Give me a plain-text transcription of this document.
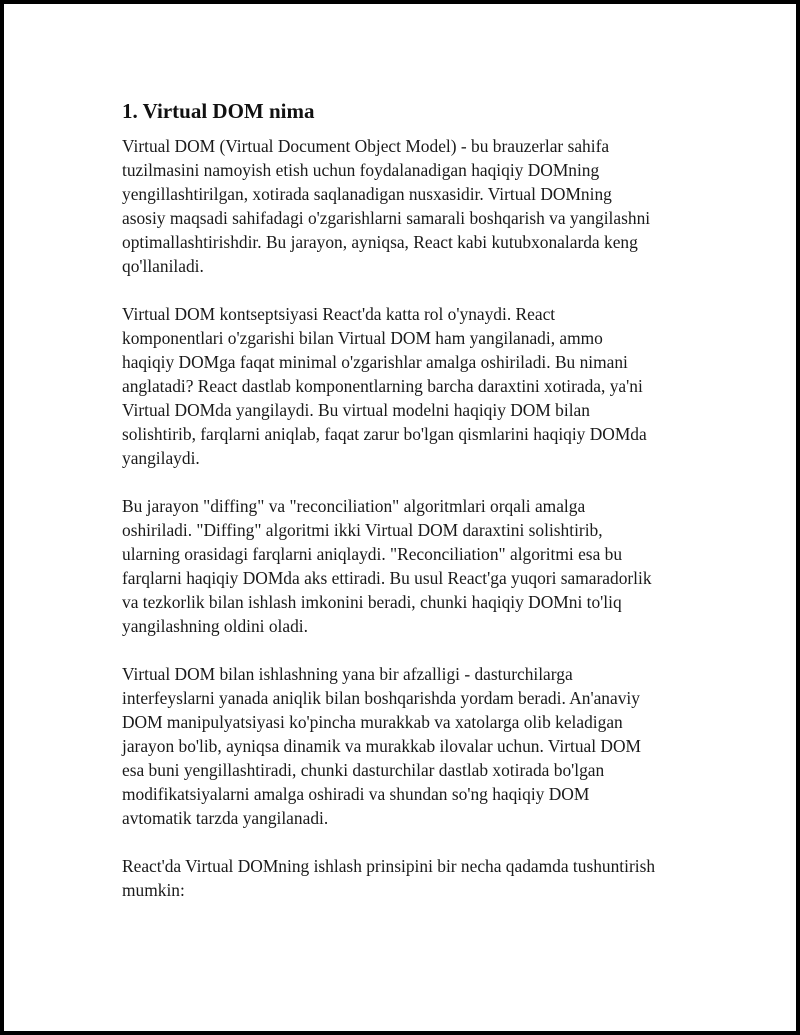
1. Virtual DOM nima

Virtual DOM (Virtual Document Object Model) - bu brauzerlar sahifa
tuzilmasini namoyish etish uchun foydalanadigan haqiqiy DOMning
yengillashtirilgan, xotirada saqlanadigan nusxasidir. Virtual DOMning
asosiy maqsadi sahifadagi o'zgarishlarni samarali boshqarish va yangilashni
optimallashtirishdir. Bu jarayon, ayniqsa, React kabi kutubxonalarda keng
qo'llaniladi.

Virtual DOM kontseptsiyasi React'da katta rol o'ynaydi. React
komponentlari o'zgarishi bilan Virtual DOM ham yangilanadi, ammo
haqiqiy DOMga faqat minimal o'zgarishlar amalga oshiriladi. Bu nimani
anglatadi? React dastlab komponentlarning barcha daraxtini xotirada, ya'ni
Virtual DOMda yangilaydi. Bu virtual modelni haqiqiy DOM bilan
solishtirib, farqlarni aniqlab, faqat zarur bo'lgan qismlarini haqiqiy DOMda
yangilaydi.

Bu jarayon "diffing" va "reconciliation" algoritmlari orqali amalga
oshiriladi. "Diffing" algoritmi ikki Virtual DOM daraxtini solishtirib,
ularning orasidagi farqlarni aniqlaydi. "Reconciliation" algoritmi esa bu
farqlarni haqiqiy DOMda aks ettiradi. Bu usul React'ga yuqori samaradorlik
va tezkorlik bilan ishlash imkonini beradi, chunki haqiqiy DOMni to'liq
yangilashning oldini oladi.

Virtual DOM bilan ishlashning yana bir afzalligi - dasturchilarga
interfeyslarni yanada aniqlik bilan boshqarishda yordam beradi. An'anaviy
DOM manipulyatsiyasi ko'pincha murakkab va xatolarga olib keladigan
jarayon bo'lib, ayniqsa dinamik va murakkab ilovalar uchun. Virtual DOM
esa buni yengillashtiradi, chunki dasturchilar dastlab xotirada bo'lgan
modifikatsiyalarni amalga oshiradi va shundan so'ng haqiqiy DOM
avtomatik tarzda yangilanadi.

React'da Virtual DOMning ishlash prinsipini bir necha qadamda tushuntirish
mumkin:
